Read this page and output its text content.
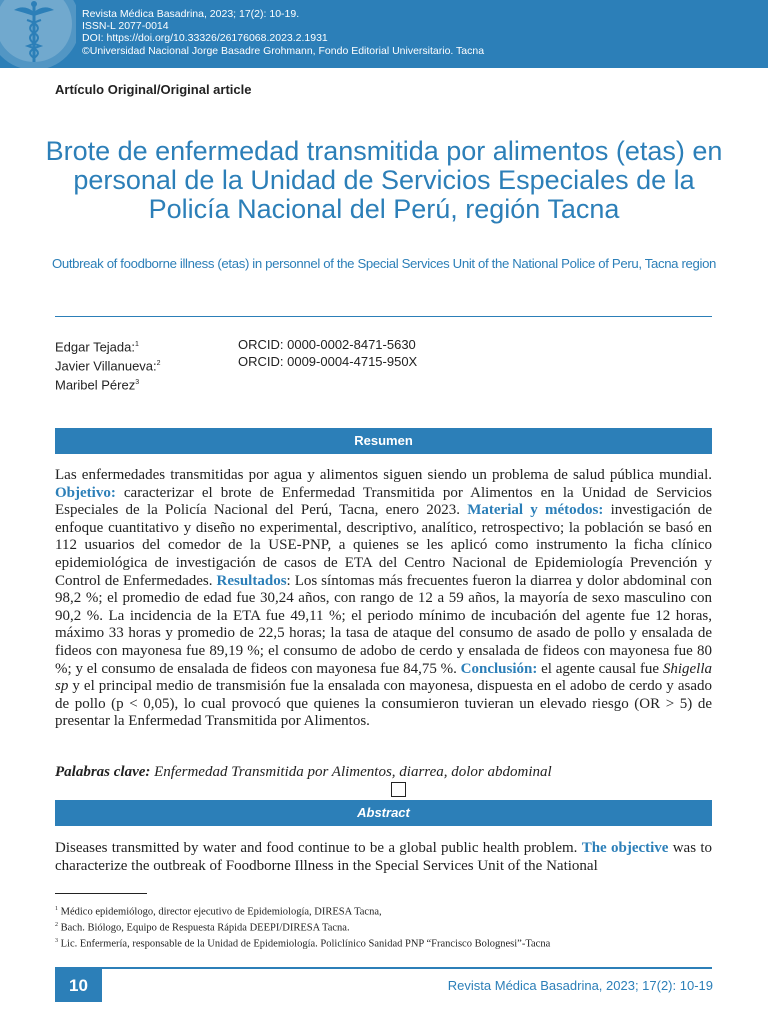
Revista Médica Basadrina, 2023; 17(2): 10-19.
ISSN-L 2077-0014
DOI: https://doi.org/10.33326/26176068.2023.2.1931
©Universidad Nacional Jorge Basadre Grohmann, Fondo Editorial Universitario. Tacna
Artículo Original/Original article
Brote de enfermedad transmitida por alimentos (etas) en personal de la Unidad de Servicios Especiales de la Policía Nacional del Perú, región Tacna
Outbreak of foodborne illness (etas) in personnel of the Special Services Unit of the National Police of Peru, Tacna region
Edgar Tejada:$^1$
Javier Villanueva:$^2$
Maribel Pérez$^3$
ORCID: 0000-0002-8471-5630
ORCID: 0009-0004-4715-950X
Resumen

Las enfermedades transmitidas por agua y alimentos siguen siendo un problema de salud pública mundial. Objetivo: caracterizar el brote de Enfermedad Transmitida por Alimentos en la Unidad de Servicios Especiales de la Policía Nacional del Perú, Tacna, enero 2023. Material y métodos: investigación de enfoque cuantitativo y diseño no experimental, descriptivo, analítico, retrospectivo; la población se basó en 112 usuarios del comedor de la USE-PNP, a quienes se les aplicó como instrumento la ficha clínico epidemiológica de investigación de casos de ETA del Centro Nacional de Epidemiología Prevención y Control de Enfermedades. Resultados: Los síntomas más frecuentes fueron la diarrea y dolor abdominal con 98,2 %; el promedio de edad fue 30,24 años, con rango de 12 a 59 años, la mayoría de sexo masculino con 90,2 %. La incidencia de la ETA fue 49,11 %; el periodo mínimo de incubación del agente fue 12 horas, máximo 33 horas y promedio de 22,5 horas; la tasa de ataque del consumo de asado de pollo y ensalada de fideos con mayonesa fue 89,19 %; el consumo de adobo de cerdo y ensalada de fideos con mayonesa fue 80 %; y el consumo de ensalada de fideos con mayonesa fue 84,75 %. Conclusión: el agente causal fue Shigella sp y el principal medio de transmisión fue la ensalada con mayonesa, dispuesta en el adobo de cerdo y asado de pollo (p < 0,05), lo cual provocó que quienes la consumieron tuvieran un elevado riesgo (OR > 5) de presentar la Enfermedad Transmitida por Alimentos.

Palabras clave: Enfermedad Transmitida por Alimentos, diarrea, dolor abdominal
Abstract

Diseases transmitted by water and food continue to be a global public health problem. The objective was to characterize the outbreak of Foodborne Illness in the Special Services Unit of the National

$^1$ Médico epidemiólogo, director ejecutivo de Epidemiología, DIRESA Tacna,
$^2$ Bach. Biólogo, Equipo de Respuesta Rápida DEEPI/DIRESA Tacna.
$^3$ Lic. Enfermería, responsable de la Unidad de Epidemiología. Policlínico Sanidad PNP “Francisco Bolognesi”-Tacna
10	Revista Médica Basadrina, 2023; 17(2): 10-19
